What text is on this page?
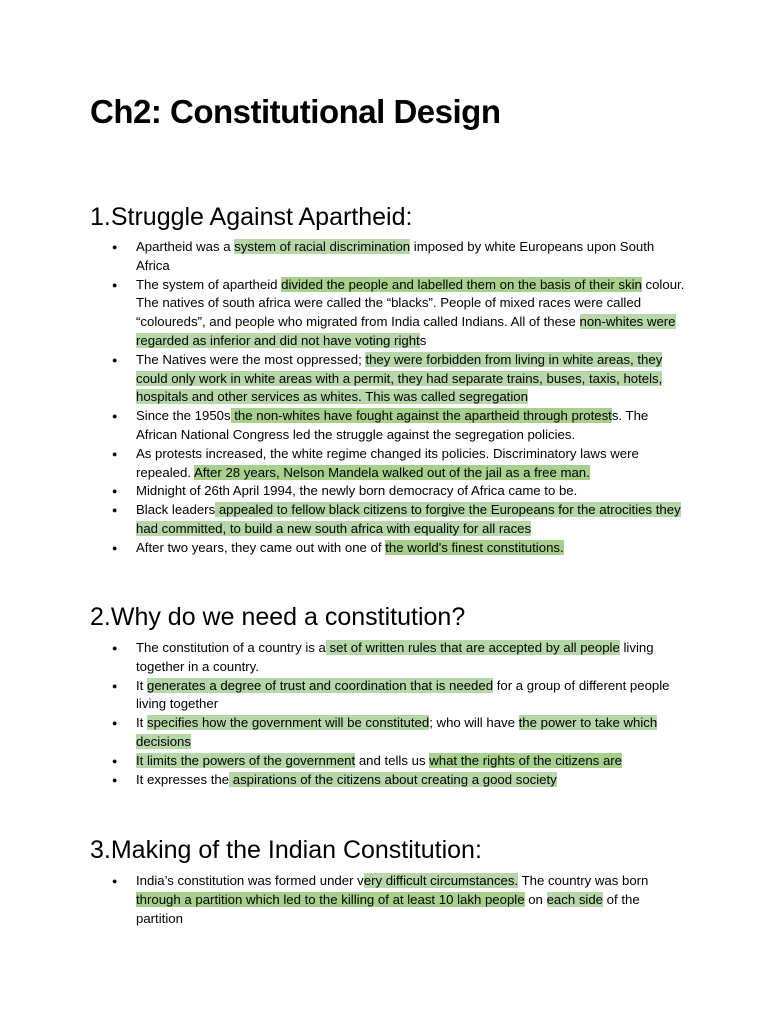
Ch2: Constitutional Design
1.Struggle Against Apartheid:
● Apartheid was a system of racial discrimination imposed by white Europeans upon South Africa
● The system of apartheid divided the people and labelled them on the basis of their skin colour. The natives of south africa were called the “blacks”. People of mixed races were called “coloureds”, and people who migrated from India called Indians. All of these non-whites were regarded as inferior and did not have voting rights
● The Natives were the most oppressed; they were forbidden from living in white areas, they could only work in white areas with a permit, they had separate trains, buses, taxis, hotels, hospitals and other services as whites. This was called segregation
● Since the 1950s the non-whites have fought against the apartheid through protests. The African National Congress led the struggle against the segregation policies.
● As protests increased, the white regime changed its policies. Discriminatory laws were repealed. After 28 years, Nelson Mandela walked out of the jail as a free man.
● Midnight of 26th April 1994, the newly born democracy of Africa came to be.
● Black leaders appealed to fellow black citizens to forgive the Europeans for the atrocities they had committed, to build a new south africa with equality for all races
● After two years, they came out with one of the world's finest constitutions.
2.Why do we need a constitution?
● The constitution of a country is a set of written rules that are accepted by all people living together in a country.
● It generates a degree of trust and coordination that is needed for a group of different people living together
● It specifies how the government will be constituted; who will have the power to take which decisions
● It limits the powers of the government and tells us what the rights of the citizens are
● It expresses the aspirations of the citizens about creating a good society
3.Making of the Indian Constitution:
● India’s constitution was formed under very difficult circumstances. The country was born through a partition which led to the killing of at least 10 lakh people on each side of the partition
